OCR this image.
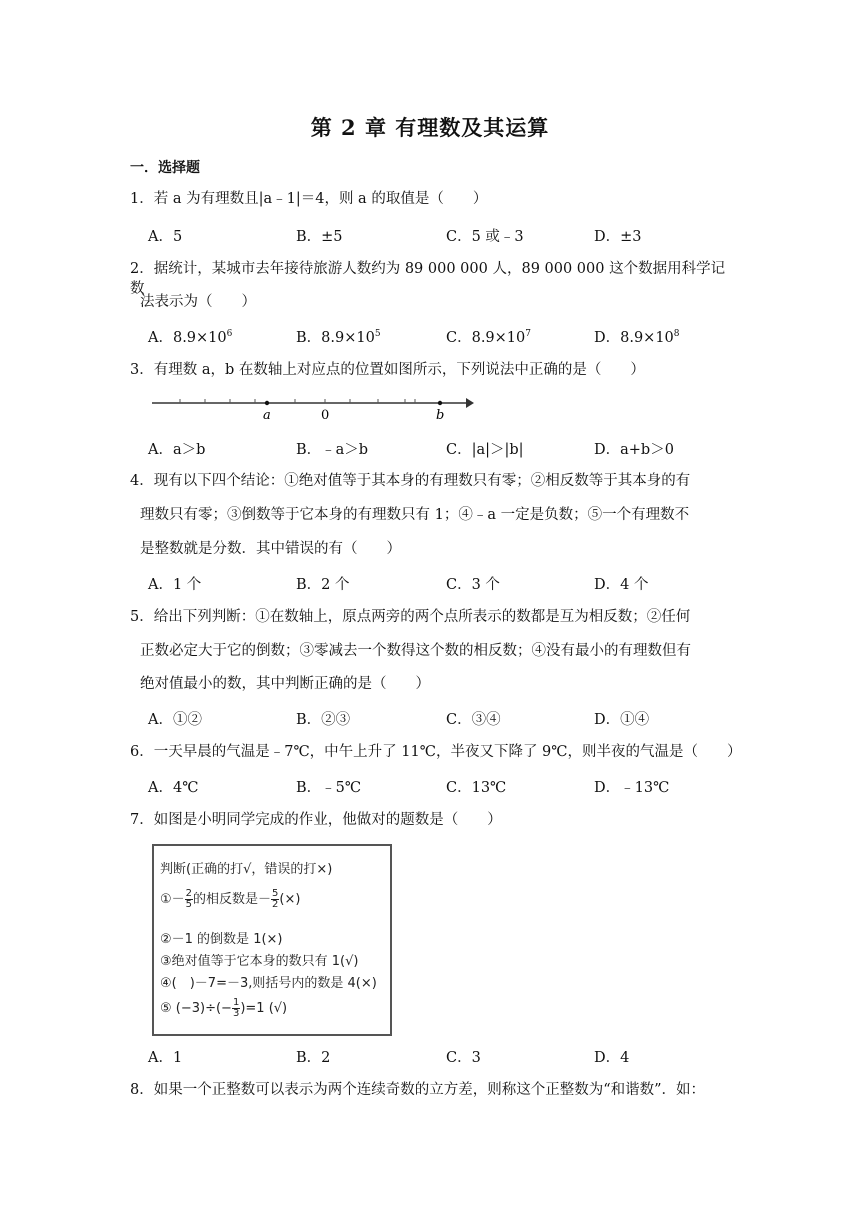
第 2 章 有理数及其运算
一．选择题
1．若 a 为有理数且|a﹣1|＝4，则 a 的取值是（　　）
A．5	B．±5	C．5 或﹣3	D．±3
2．据统计，某城市去年接待旅游人数约为 89 000 000 人，89 000 000 这个数据用科学记数
法表示为（　　）
A．$8.9\times 10^6$	B．$8.9\times 10^5$	C．$8.9\times 10^7$	D．$8.9\times 10^8$
3．有理数 a，b 在数轴上对应点的位置如图所示，下列说法中正确的是（　　）
a	0	b
A．a＞b	B．﹣a＞b	C．|a|＞|b|	D．a+b＞0
4．现有以下四个结论：①绝对值等于其本身的有理数只有零；②相反数等于其本身的有
理数只有零；③倒数等于它本身的有理数只有 1；④﹣a 一定是负数；⑤一个有理数不
是整数就是分数．其中错误的有（　　）
A．1 个	B．2 个	C．3 个	D．4 个
5．给出下列判断：①在数轴上，原点两旁的两个点所表示的数都是互为相反数；②任何
正数必定大于它的倒数；③零减去一个数得这个数的相反数；④没有最小的有理数但有
绝对值最小的数，其中判断正确的是（　　）
A．①②	B．②③	C．③④	D．①④
6．一天早晨的气温是﹣7℃，中午上升了 11℃，半夜又下降了 9℃，则半夜的气温是（　　）
A．4℃	B．﹣5℃	C．13℃	D．﹣13℃
7．如图是小明同学完成的作业，他做对的题数是（　　）
判断(正确的打√，错误的打×)
①－ $\frac{2}{5}$ 的相反数是－ $\frac{5}{2}$ (×)
②－1 的倒数是 1(×)
③绝对值等于它本身的数只有 1(√)
④(　)－7=－3,则括号内的数是 4(×)
⑤ $(-3)\div(- \frac{1}{3} )=1$ (√)
A．1	B．2	C．3	D．4
8．如果一个正整数可以表示为两个连续奇数的立方差，则称这个正整数为“和谐数”．如：
